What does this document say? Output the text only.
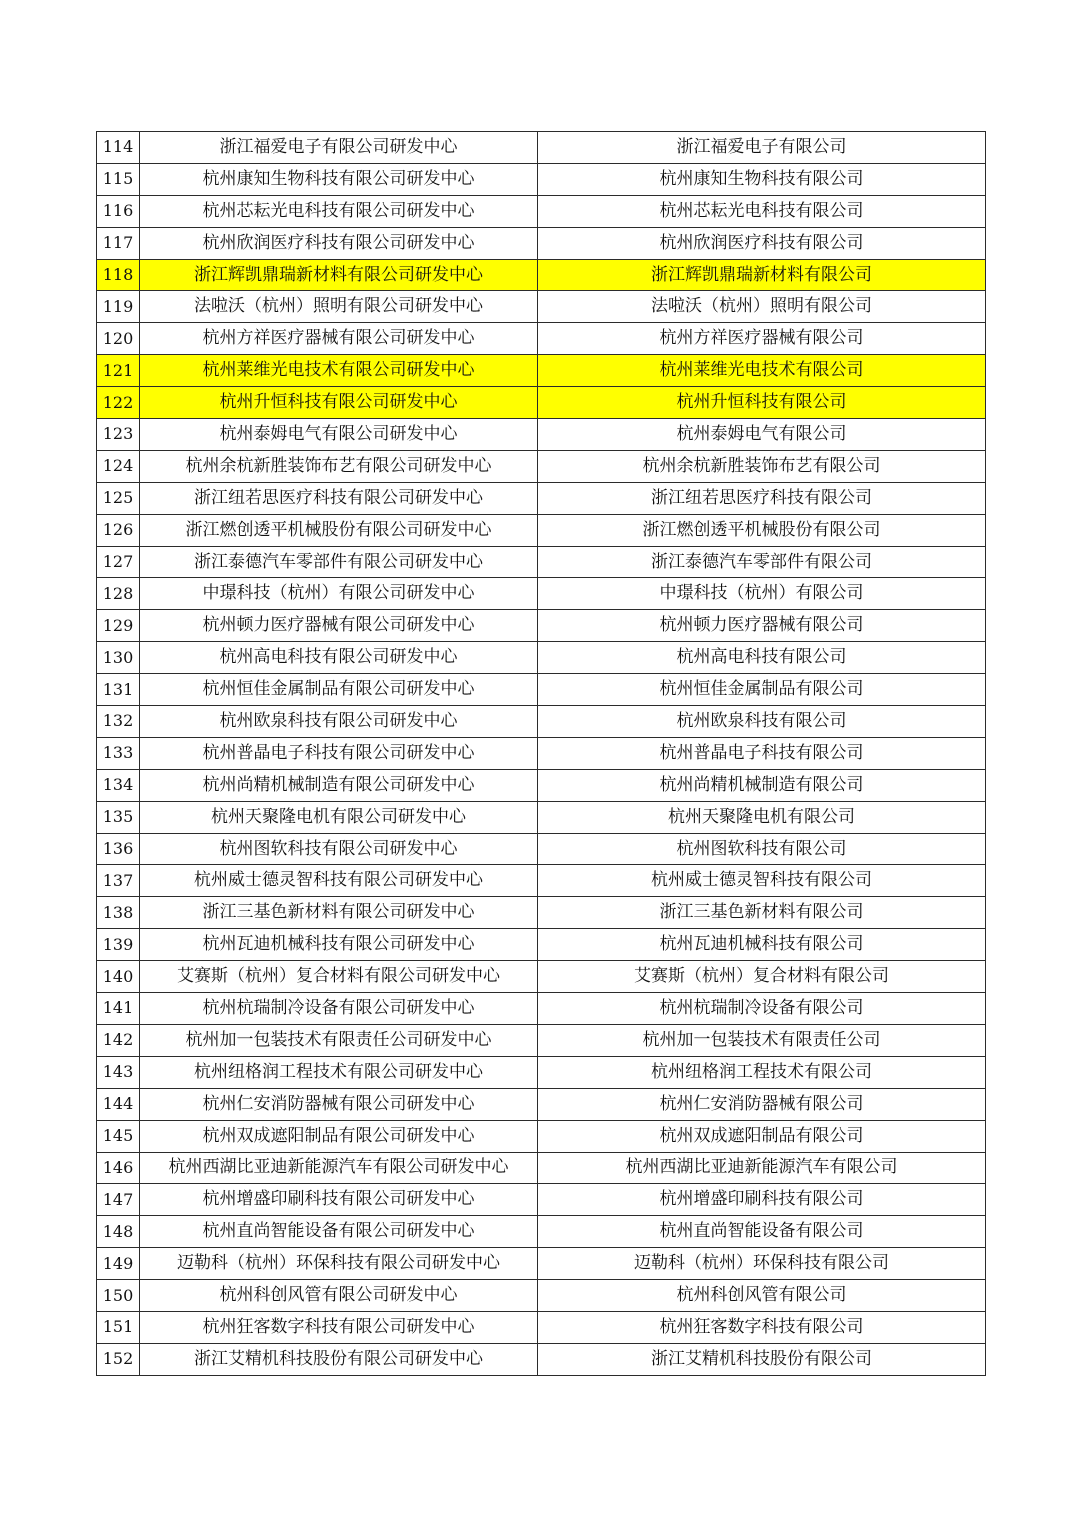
114	浙江福爱电子有限公司研发中心	浙江福爱电子有限公司
115	杭州康知生物科技有限公司研发中心	杭州康知生物科技有限公司
116	杭州芯耘光电科技有限公司研发中心	杭州芯耘光电科技有限公司
117	杭州欣润医疗科技有限公司研发中心	杭州欣润医疗科技有限公司
118	浙江辉凯鼎瑞新材料有限公司研发中心	浙江辉凯鼎瑞新材料有限公司
119	法啦沃（杭州）照明有限公司研发中心	法啦沃（杭州）照明有限公司
120	杭州方祥医疗器械有限公司研发中心	杭州方祥医疗器械有限公司
121	杭州莱维光电技术有限公司研发中心	杭州莱维光电技术有限公司
122	杭州升恒科技有限公司研发中心	杭州升恒科技有限公司
123	杭州泰姆电气有限公司研发中心	杭州泰姆电气有限公司
124	杭州余杭新胜装饰布艺有限公司研发中心	杭州余杭新胜装饰布艺有限公司
125	浙江纽若思医疗科技有限公司研发中心	浙江纽若思医疗科技有限公司
126	浙江燃创透平机械股份有限公司研发中心	浙江燃创透平机械股份有限公司
127	浙江泰德汽车零部件有限公司研发中心	浙江泰德汽车零部件有限公司
128	中璟科技（杭州）有限公司研发中心	中璟科技（杭州）有限公司
129	杭州顿力医疗器械有限公司研发中心	杭州顿力医疗器械有限公司
130	杭州高电科技有限公司研发中心	杭州高电科技有限公司
131	杭州恒佳金属制品有限公司研发中心	杭州恒佳金属制品有限公司
132	杭州欧泉科技有限公司研发中心	杭州欧泉科技有限公司
133	杭州普晶电子科技有限公司研发中心	杭州普晶电子科技有限公司
134	杭州尚精机械制造有限公司研发中心	杭州尚精机械制造有限公司
135	杭州天聚隆电机有限公司研发中心	杭州天聚隆电机有限公司
136	杭州图软科技有限公司研发中心	杭州图软科技有限公司
137	杭州威士德灵智科技有限公司研发中心	杭州威士德灵智科技有限公司
138	浙江三基色新材料有限公司研发中心	浙江三基色新材料有限公司
139	杭州瓦迪机械科技有限公司研发中心	杭州瓦迪机械科技有限公司
140	艾赛斯（杭州）复合材料有限公司研发中心	艾赛斯（杭州）复合材料有限公司
141	杭州杭瑞制冷设备有限公司研发中心	杭州杭瑞制冷设备有限公司
142	杭州加一包装技术有限责任公司研发中心	杭州加一包装技术有限责任公司
143	杭州纽格润工程技术有限公司研发中心	杭州纽格润工程技术有限公司
144	杭州仁安消防器械有限公司研发中心	杭州仁安消防器械有限公司
145	杭州双成遮阳制品有限公司研发中心	杭州双成遮阳制品有限公司
146	杭州西湖比亚迪新能源汽车有限公司研发中心	杭州西湖比亚迪新能源汽车有限公司
147	杭州增盛印刷科技有限公司研发中心	杭州增盛印刷科技有限公司
148	杭州直尚智能设备有限公司研发中心	杭州直尚智能设备有限公司
149	迈勒科（杭州）环保科技有限公司研发中心	迈勒科（杭州）环保科技有限公司
150	杭州科创风管有限公司研发中心	杭州科创风管有限公司
151	杭州狂客数字科技有限公司研发中心	杭州狂客数字科技有限公司
152	浙江艾精机科技股份有限公司研发中心	浙江艾精机科技股份有限公司
